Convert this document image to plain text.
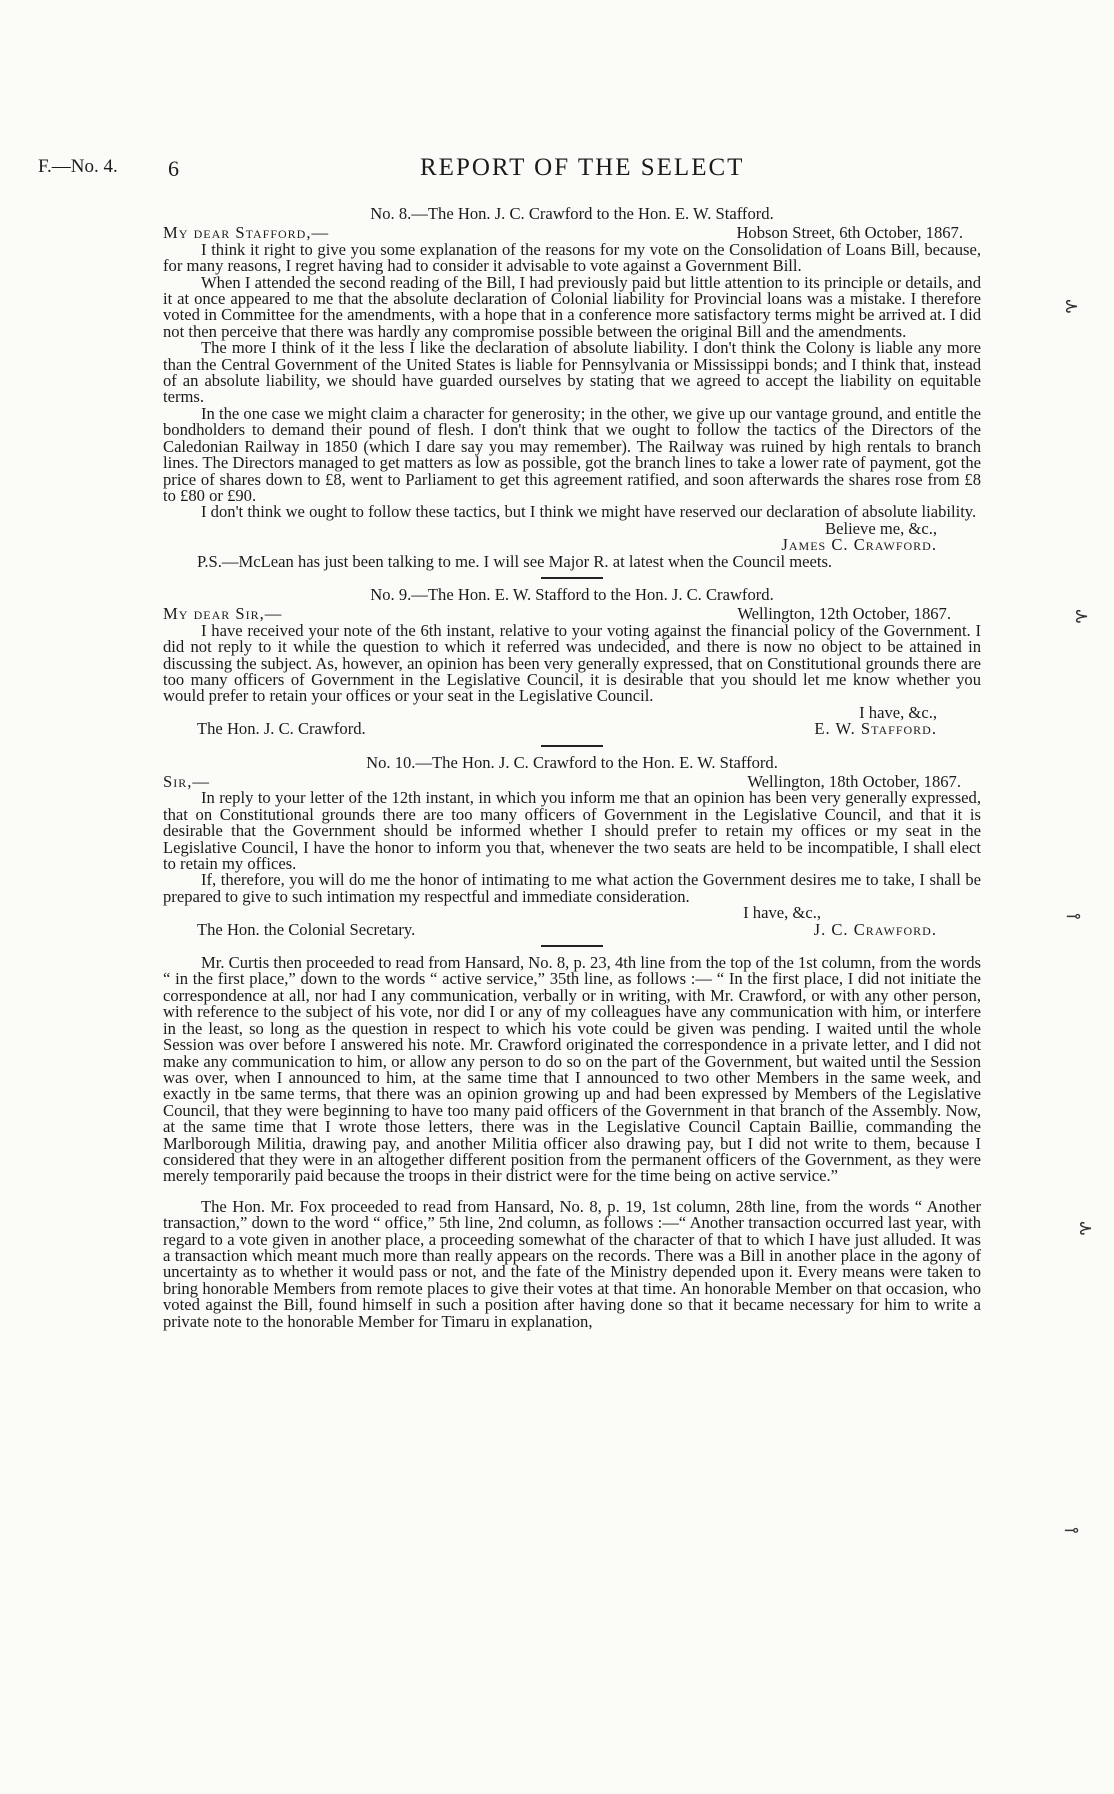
F.—No. 4. 6	REPORT OF THE SELECT
No. 8.—The Hon. J. C. Crawford to the Hon. E. W. Stafford.
My dear Stafford,—	Hobson Street, 6th October, 1867.

I think it right to give you some explanation of the reasons for my vote on the Consolidation of Loans Bill, because, for many reasons, I regret having had to consider it advisable to vote against a Government Bill.

When I attended the second reading of the Bill, I had previously paid but little attention to its principle or details, and it at once appeared to me that the absolute declaration of Colonial liability for Provincial loans was a mistake. I therefore voted in Committee for the amendments, with a hope that in a conference more satisfactory terms might be arrived at. I did not then perceive that there was hardly any compromise possible between the original Bill and the amendments.

The more I think of it the less I like the declaration of absolute liability. I don't think the Colony is liable any more than the Central Government of the United States is liable for Pennsylvania or Mississippi bonds; and I think that, instead of an absolute liability, we should have guarded ourselves by stating that we agreed to accept the liability on equitable terms.

In the one case we might claim a character for generosity; in the other, we give up our vantage ground, and entitle the bondholders to demand their pound of flesh. I don't think that we ought to follow the tactics of the Directors of the Caledonian Railway in 1850 (which I dare say you may remember). The Railway was ruined by high rentals to branch lines. The Directors managed to get matters as low as possible, got the branch lines to take a lower rate of payment, got the price of shares down to £8, went to Parliament to get this agreement ratified, and soon afterwards the shares rose from £8 to £80 or £90.

I don't think we ought to follow these tactics, but I think we might have reserved our declaration of absolute liability.

Believe me, &c.,
James C. Crawford.

P.S.—McLean has just been talking to me. I will see Major R. at latest when the Council meets.

No. 9.—The Hon. E. W. Stafford to the Hon. J. C. Crawford.
My dear Sir,—	Wellington, 12th October, 1867.

I have received your note of the 6th instant, relative to your voting against the financial policy of the Government. I did not reply to it while the question to which it referred was undecided, and there is now no object to be attained in discussing the subject. As, however, an opinion has been very generally expressed, that on Constitutional grounds there are too many officers of Government in the Legislative Council, it is desirable that you should let me know whether you would prefer to retain your offices or your seat in the Legislative Council.

I have, &c.,
The Hon. J. C. Crawford.	E. W. Stafford.
No. 10.—The Hon. J. C. Crawford to the Hon. E. W. Stafford.
Sir,—	Wellington, 18th October, 1867.

In reply to your letter of the 12th instant, in which you inform me that an opinion has been very generally expressed, that on Constitutional grounds there are too many officers of Government in the Legislative Council, and that it is desirable that the Government should be informed whether I should prefer to retain my offices or my seat in the Legislative Council, I have the honor to inform you that, whenever the two seats are held to be incompatible, I shall elect to retain my offices.

If, therefore, you will do me the honor of intimating to me what action the Government desires me to take, I shall be prepared to give to such intimation my respectful and immediate consideration.

I have, &c.,
The Hon. the Colonial Secretary.	J. C. Crawford.

Mr. Curtis then proceeded to read from Hansard, No. 8, p. 23, 4th line from the top of the 1st column, from the words “ in the first place,” down to the words “ active service,” 35th line, as follows :— “ In the first place, I did not initiate the correspondence at all, nor had I any communication, verbally or in writing, with Mr. Crawford, or with any other person, with reference to the subject of his vote, nor did I or any of my colleagues have any communication with him, or interfere in the least, so long as the question in respect to which his vote could be given was pending. I waited until the whole Session was over before I answered his note. Mr. Crawford originated the correspondence in a private letter, and I did not make any communication to him, or allow any person to do so on the part of the Government, but waited until the Session was over, when I announced to him, at the same time that I announced to two other Members in the same week, and exactly in tbe same terms, that there was an opinion growing up and had been expressed by Members of the Legislative Council, that they were beginning to have too many paid officers of the Government in that branch of the Assembly. Now, at the same time that I wrote those letters, there was in the Legislative Council Captain Baillie, commanding the Marlborough Militia, drawing pay, and another Militia officer also drawing pay, but I did not write to them, because I considered that they were in an altogether different position from the permanent officers of the Government, as they were merely temporarily paid because the troops in their district were for the time being on active service.”

The Hon. Mr. Fox proceeded to read from Hansard, No. 8, p. 19, 1st column, 28th line, from the words “ Another transaction,” down to the word “ office,” 5th line, 2nd column, as follows :—“ Another transaction occurred last year, with regard to a vote given in another place, a proceeding somewhat of the character of that to which I have just alluded. It was a transaction which meant much more than really appears on the records. There was a Bill in another place in the agony of uncertainty as to whether it would pass or not, and the fate of the Ministry depended upon it. Every means were taken to bring honorable Members from remote places to give their votes at that time. An honorable Member on that occasion, who voted against the Bill, found himself in such a position after having done so that it became necessary for him to write a private note to the honorable Member for Timaru in explanation,

⊱
⊱
⊸
⊱
⊸
